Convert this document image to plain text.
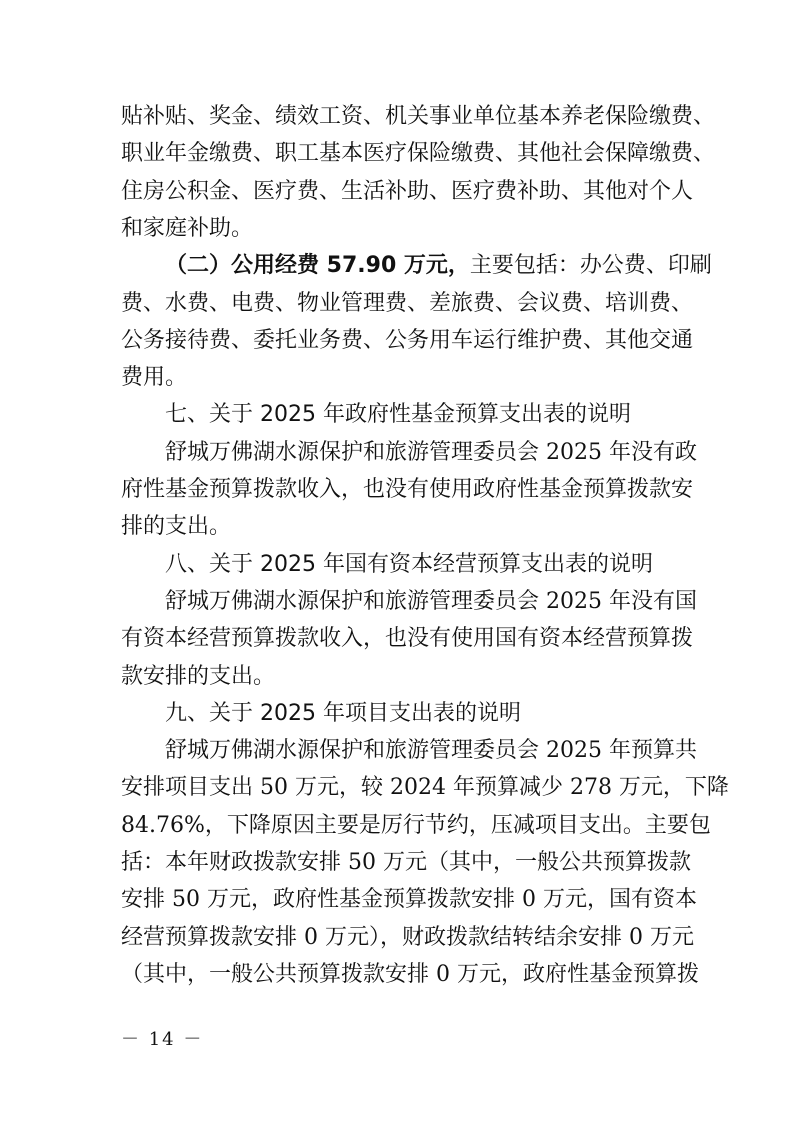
贴补贴、奖金、绩效工资、机关事业单位基本养老保险缴费、
职业年金缴费、职工基本医疗保险缴费、其他社会保障缴费、
住房公积金、医疗费、生活补助、医疗费补助、其他对个人
和家庭补助。
（二）公用经费 57.90 万元，主要包括：办公费、印刷
费、水费、电费、物业管理费、差旅费、会议费、培训费、
公务接待费、委托业务费、公务用车运行维护费、其他交通
费用。
七、关于 2025 年政府性基金预算支出表的说明
舒城万佛湖水源保护和旅游管理委员会 2025 年没有政
府性基金预算拨款收入，也没有使用政府性基金预算拨款安
排的支出。
八、关于 2025 年国有资本经营预算支出表的说明
舒城万佛湖水源保护和旅游管理委员会 2025 年没有国
有资本经营预算拨款收入，也没有使用国有资本经营预算拨
款安排的支出。
九、关于 2025 年项目支出表的说明
舒城万佛湖水源保护和旅游管理委员会 2025 年预算共
安排项目支出 50 万元，较 2024 年预算减少 278 万元，下降
84.76%，下降原因主要是厉行节约，压减项目支出。主要包
括：本年财政拨款安排 50 万元（其中，一般公共预算拨款
安排 50 万元，政府性基金预算拨款安排 0 万元，国有资本
经营预算拨款安排 0 万元），财政拨款结转结余安排 0 万元
（其中，一般公共预算拨款安排 0 万元，政府性基金预算拨
－ 14 －
